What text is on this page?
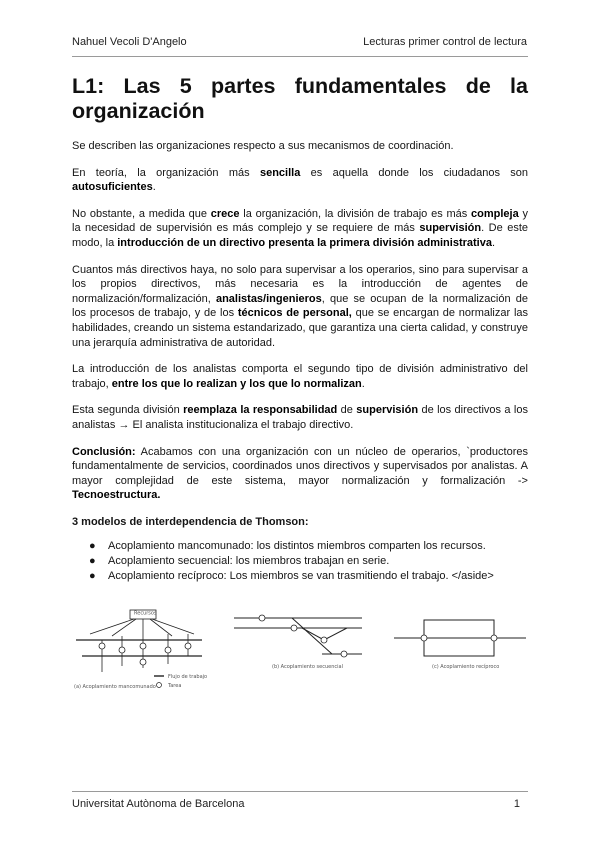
Nahuel Vecoli D'Angelo	Lecturas primer control de lectura
L1: Las 5 partes fundamentales de la organización

Se describen las organizaciones respecto a sus mecanismos de coordinación.

En teoría, la organización más sencilla es aquella donde los ciudadanos son autosuficientes.

No obstante, a medida que crece la organización, la división de trabajo es más compleja y la necesidad de supervisión es más complejo y se requiere de más supervisión. De este modo, la introducción de un directivo presenta la primera división administrativa.

Cuantos más directivos haya, no solo para supervisar a los operarios, sino para supervisar a los propios directivos, más necesaria es la introducción de agentes de normalización/formalización, analistas/ingenieros, que se ocupan de la normalización de los procesos de trabajo, y de los técnicos de personal, que se encargan de normalizar las habilidades, creando un sistema estandarizado, que garantiza una cierta calidad, y construye una jerarquía administrativa de autoridad.

La introducción de los analistas comporta el segundo tipo de división administrativo del trabajo, entre los que lo realizan y los que lo normalizan.

Esta segunda división reemplaza la responsabilidad de supervisión de los directivos a los analistas → El analista institucionaliza el trabajo directivo.

Conclusión: Acabamos con una organización con un núcleo de operarios, `productores fundamentalmente de servicios, coordinados unos directivos y supervisados por analistas. A mayor complejidad de este sistema, mayor normalización y formalización -> Tecnoestructura.

3 modelos de interdependencia de Thomson:

● Acoplamiento mancomunado: los distintos miembros comparten los recursos.
● Acoplamiento secuencial: los miembros trabajan en serie.
● Acoplamiento recíproco: Los miembros se van trasmitiendo el trabajo. </aside>
Recursos
(a) Acoplamiento mancomunado
Flujo de trabajo
Tarea
(b) Acoplamiento secuencial	(c) Acoplamiento recíproco
Universitat Autònoma de Barcelona	1
